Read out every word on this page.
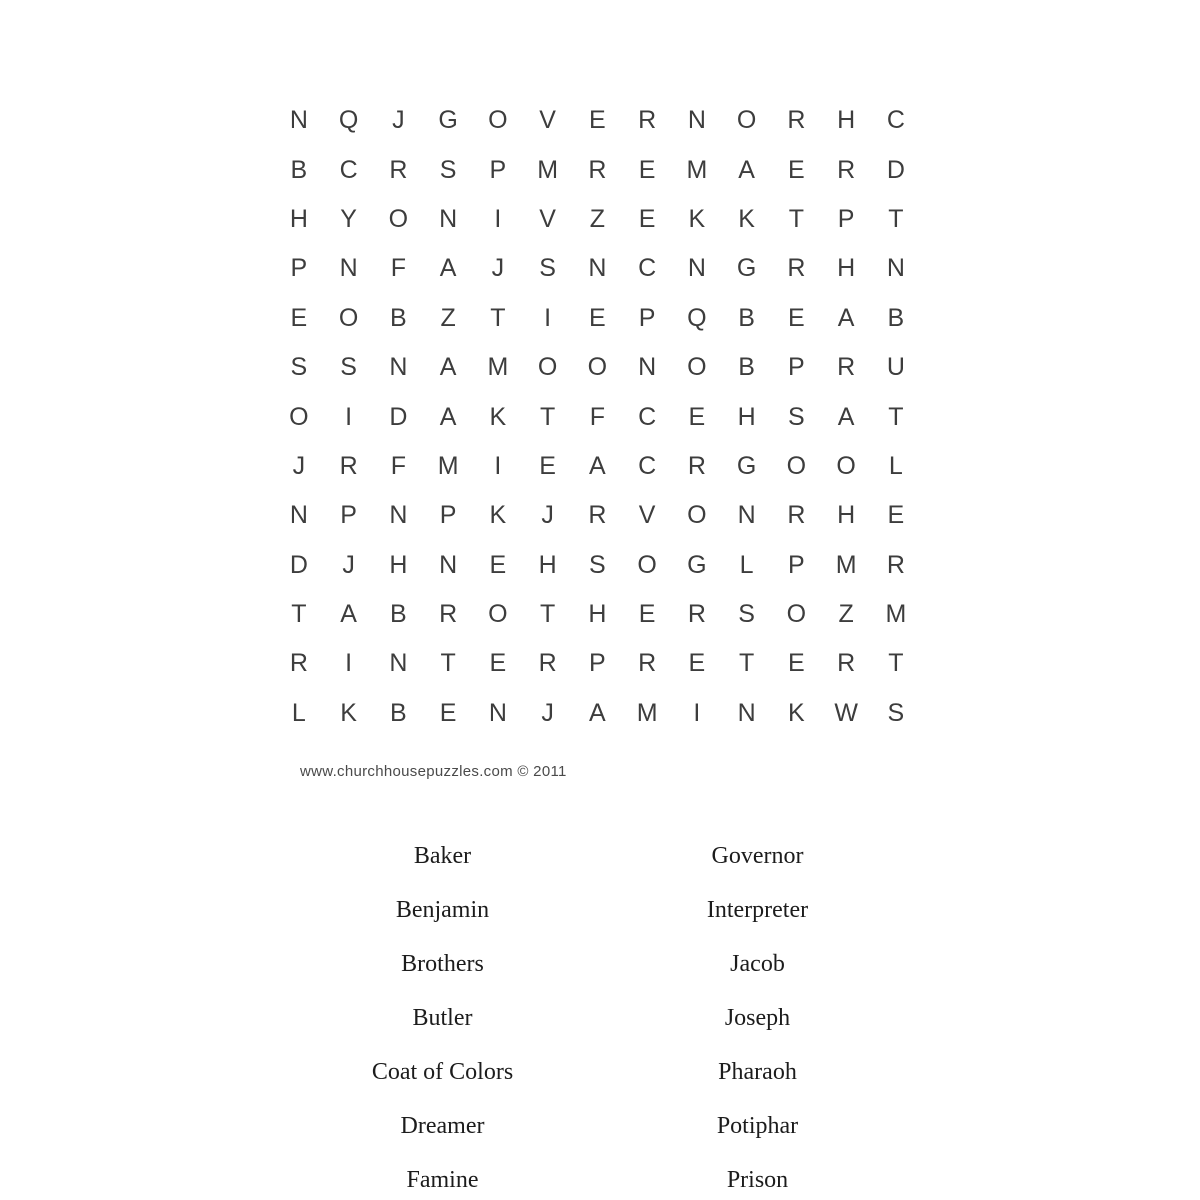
N	Q	J	G	O	V	E	R	N	O	R	H	C
B	C	R	S	P	M	R	E	M	A	E	R	D
H	Y	O	N	I	V	Z	E	K	K	T	P	T
P	N	F	A	J	S	N	C	N	G	R	H	N
E	O	B	Z	T	I	E	P	Q	B	E	A	B
S	S	N	A	M	O	O	N	O	B	P	R	U
O	I	D	A	K	T	F	C	E	H	S	A	T
J	R	F	M	I	E	A	C	R	G	O	O	L
N	P	N	P	K	J	R	V	O	N	R	H	E
D	J	H	N	E	H	S	O	G	L	P	M	R
T	A	B	R	O	T	H	E	R	S	O	Z	M
R	I	N	T	E	R	P	R	E	T	E	R	T
L	K	B	E	N	J	A	M	I	N	K	W	S
www.churchhousepuzzles.com © 2011
Baker
Benjamin
Brothers
Butler
Coat of Colors
Dreamer
Famine
Governor
Interpreter
Jacob
Joseph
Pharaoh
Potiphar
Prison
